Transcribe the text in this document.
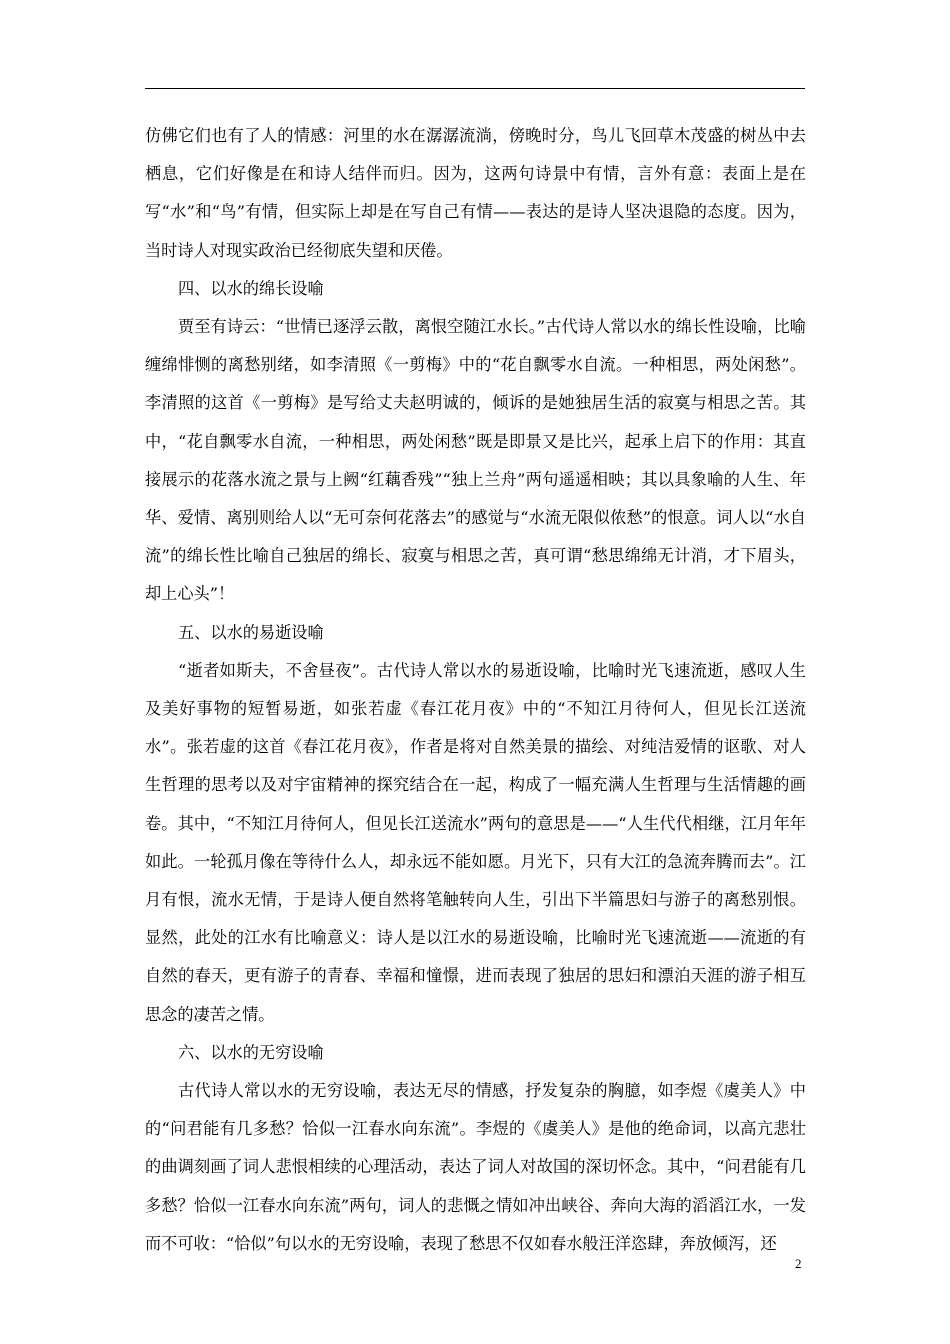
仿佛它们也有了人的情感：河里的水在潺潺流淌，傍晚时分，鸟儿飞回草木茂盛的树丛中去栖息，它们好像是在和诗人结伴而归。因为，这两句诗景中有情，言外有意：表面上是在写“水”和“鸟”有情，但实际上却是在写自己有情——表达的是诗人坚决退隐的态度。因为，当时诗人对现实政治已经彻底失望和厌倦。

四、以水的绵长设喻

贾至有诗云：“世情已逐浮云散，离恨空随江水长。”古代诗人常以水的绵长性设喻，比喻缠绵悱恻的离愁别绪，如李清照《一剪梅》中的“花自飘零水自流。一种相思，两处闲愁”。李清照的这首《一剪梅》是写给丈夫赵明诚的，倾诉的是她独居生活的寂寞与相思之苦。其中，“花自飘零水自流，一种相思，两处闲愁”既是即景又是比兴，起承上启下的作用：其直接展示的花落水流之景与上阙“红藕香残”“独上兰舟”两句遥遥相映；其以具象喻的人生、年华、爱情、离别则给人以“无可奈何花落去”的感觉与“水流无限似侬愁”的恨意。词人以“水自流”的绵长性比喻自己独居的绵长、寂寞与相思之苦，真可谓“愁思绵绵无计消，才下眉头，却上心头”！

五、以水的易逝设喻

“逝者如斯夫，不舍昼夜”。古代诗人常以水的易逝设喻，比喻时光飞速流逝，感叹人生及美好事物的短暂易逝，如张若虚《春江花月夜》中的“不知江月待何人，但见长江送流水”。张若虚的这首《春江花月夜》，作者是将对自然美景的描绘、对纯洁爱情的讴歌、对人生哲理的思考以及对宇宙精神的探究结合在一起，构成了一幅充满人生哲理与生活情趣的画卷。其中，“不知江月待何人，但见长江送流水”两句的意思是——“人生代代相继，江月年年如此。一轮孤月像在等待什么人，却永远不能如愿。月光下，只有大江的急流奔腾而去”。江月有恨，流水无情，于是诗人便自然将笔触转向人生，引出下半篇思妇与游子的离愁别恨。显然，此处的江水有比喻意义：诗人是以江水的易逝设喻，比喻时光飞速流逝——流逝的有自然的春天，更有游子的青春、幸福和憧憬，进而表现了独居的思妇和漂泊天涯的游子相互思念的凄苦之情。

六、以水的无穷设喻

古代诗人常以水的无穷设喻，表达无尽的情感，抒发复杂的胸臆，如李煜《虞美人》中的“问君能有几多愁？恰似一江春水向东流”。李煜的《虞美人》是他的绝命词，以高亢悲壮的曲调刻画了词人悲恨相续的心理活动，表达了词人对故国的深切怀念。其中，“问君能有几多愁？恰似一江春水向东流”两句，词人的悲慨之情如冲出峡谷、奔向大海的滔滔江水，一发而不可收：“恰似”句以水的无穷设喻，表现了愁思不仅如春水般汪洋恣肆，奔放倾泻，还

2
